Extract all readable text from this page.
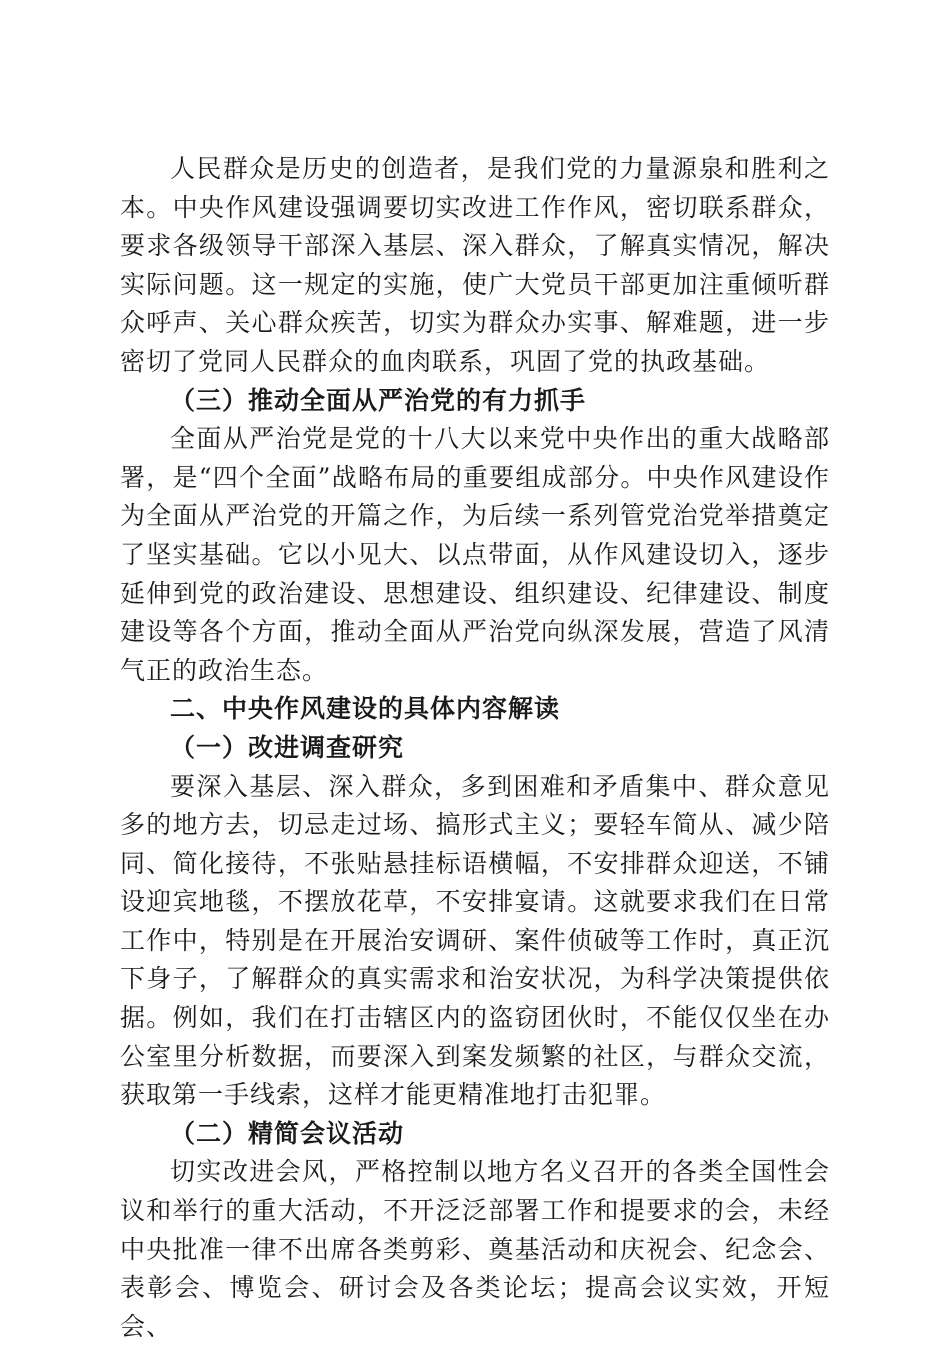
人民群众是历史的创造者，是我们党的力量源泉和胜利之本。中央作风建设强调要切实改进工作作风，密切联系群众，要求各级领导干部深入基层、深入群众，了解真实情况，解决实际问题。这一规定的实施，使广大党员干部更加注重倾听群众呼声、关心群众疾苦，切实为群众办实事、解难题，进一步密切了党同人民群众的血肉联系，巩固了党的执政基础。

（三）推动全面从严治党的有力抓手

全面从严治党是党的十八大以来党中央作出的重大战略部署，是“四个全面”战略布局的重要组成部分。中央作风建设作为全面从严治党的开篇之作，为后续一系列管党治党举措奠定了坚实基础。它以小见大、以点带面，从作风建设切入，逐步延伸到党的政治建设、思想建设、组织建设、纪律建设、制度建设等各个方面，推动全面从严治党向纵深发展，营造了风清气正的政治生态。

二、中央作风建设的具体内容解读

（一）改进调查研究

要深入基层、深入群众，多到困难和矛盾集中、群众意见多的地方去，切忌走过场、搞形式主义；要轻车简从、减少陪同、简化接待，不张贴悬挂标语横幅，不安排群众迎送，不铺设迎宾地毯，不摆放花草，不安排宴请。这就要求我们在日常工作中，特别是在开展治安调研、案件侦破等工作时，真正沉下身子，了解群众的真实需求和治安状况，为科学决策提供依据。例如，我们在打击辖区内的盗窃团伙时，不能仅仅坐在办公室里分析数据，而要深入到案发频繁的社区，与群众交流，获取第一手线索，这样才能更精准地打击犯罪。

（二）精简会议活动

切实改进会风，严格控制以地方名义召开的各类全国性会议和举行的重大活动，不开泛泛部署工作和提要求的会，未经中央批准一律不出席各类剪彩、奠基活动和庆祝会、纪念会、表彰会、博览会、研讨会及各类论坛；提高会议实效，开短会、
